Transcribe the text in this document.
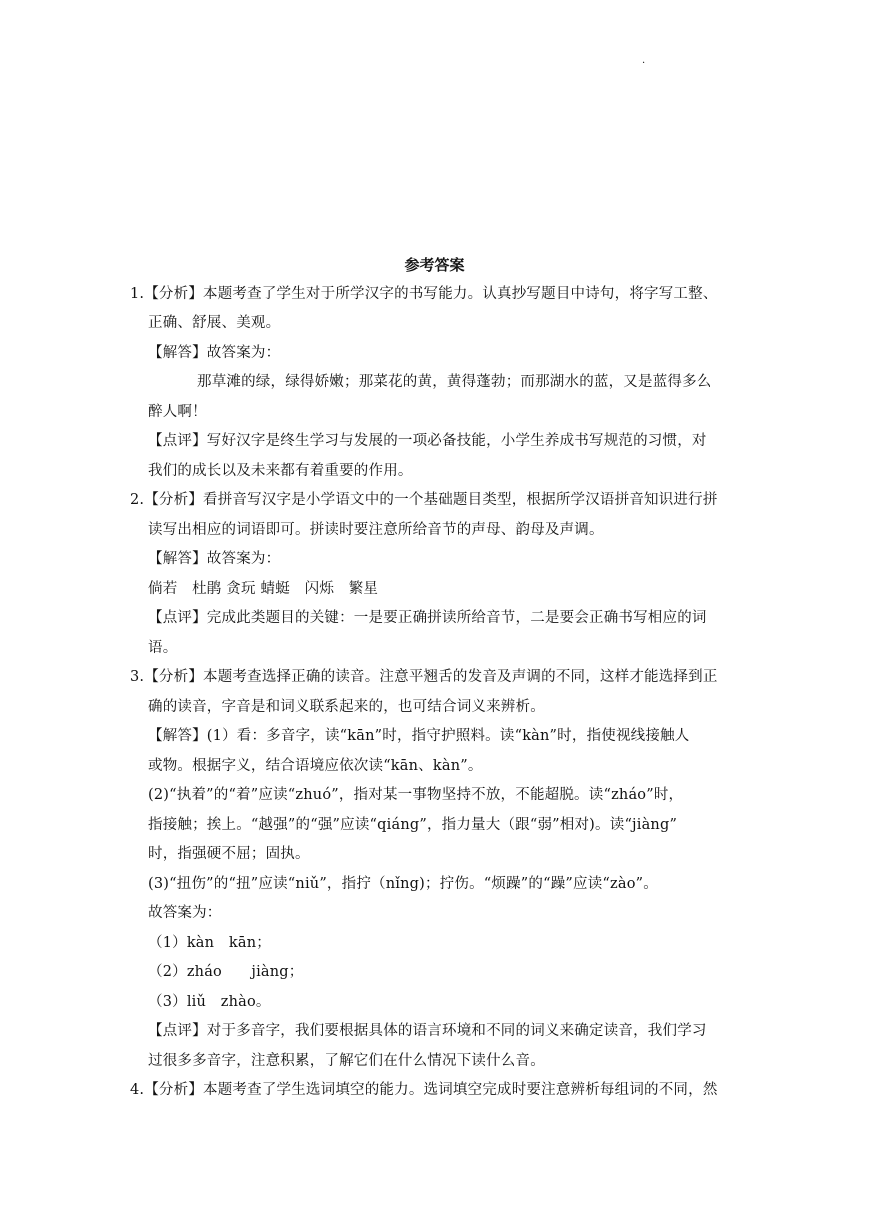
.
参考答案
1.【分析】本题考查了学生对于所学汉字的书写能力。认真抄写题目中诗句，将字写工整、
正确、舒展、美观。
【解答】故答案为：
那草滩的绿，绿得娇嫩；那菜花的黄，黄得蓬勃；而那湖水的蓝，又是蓝得多么
醉人啊！
【点评】写好汉字是终生学习与发展的一项必备技能，小学生养成书写规范的习惯，对
我们的成长以及未来都有着重要的作用。
2.【分析】看拼音写汉字是小学语文中的一个基础题目类型，根据所学汉语拼音知识进行拼
读写出相应的词语即可。拼读时要注意所给音节的声母、韵母及声调。
【解答】故答案为：
倘若　杜鹃 贪玩 蜻蜓　闪烁　繁星
【点评】完成此类题目的关键：一是要正确拼读所给音节，二是要会正确书写相应的词
语。
3.【分析】本题考查选择正确的读音。注意平翘舌的发音及声调的不同，这样才能选择到正
确的读音，字音是和词义联系起来的，也可结合词义来辨析。
【解答】(1）看：多音字，读“kān”时，指守护照料。读“kàn”时，指使视线接触人
或物。根据字义，结合语境应依次读“kān、kàn”。
(2)“执着”的“着”应读“zhuó”，指对某一事物坚持不放，不能超脱。读“zháo”时，
指接触；挨上。“越强”的“强”应读“qiáng”，指力量大（跟“弱”相对)。读“jiàng”
时，指强硬不屈；固执。
(3)“扭伤”的“扭”应读“niǔ”，指拧（nǐng)；拧伤。“烦躁”的“躁”应读“zào”。
故答案为：
（1）kàn　kān；
（2）zháo　　jiàng；
（3）liǔ　zhào。
【点评】对于多音字，我们要根据具体的语言环境和不同的词义来确定读音，我们学习
过很多多音字，注意积累，了解它们在什么情况下读什么音。
4.【分析】本题考查了学生选词填空的能力。选词填空完成时要注意辨析每组词的不同，然
